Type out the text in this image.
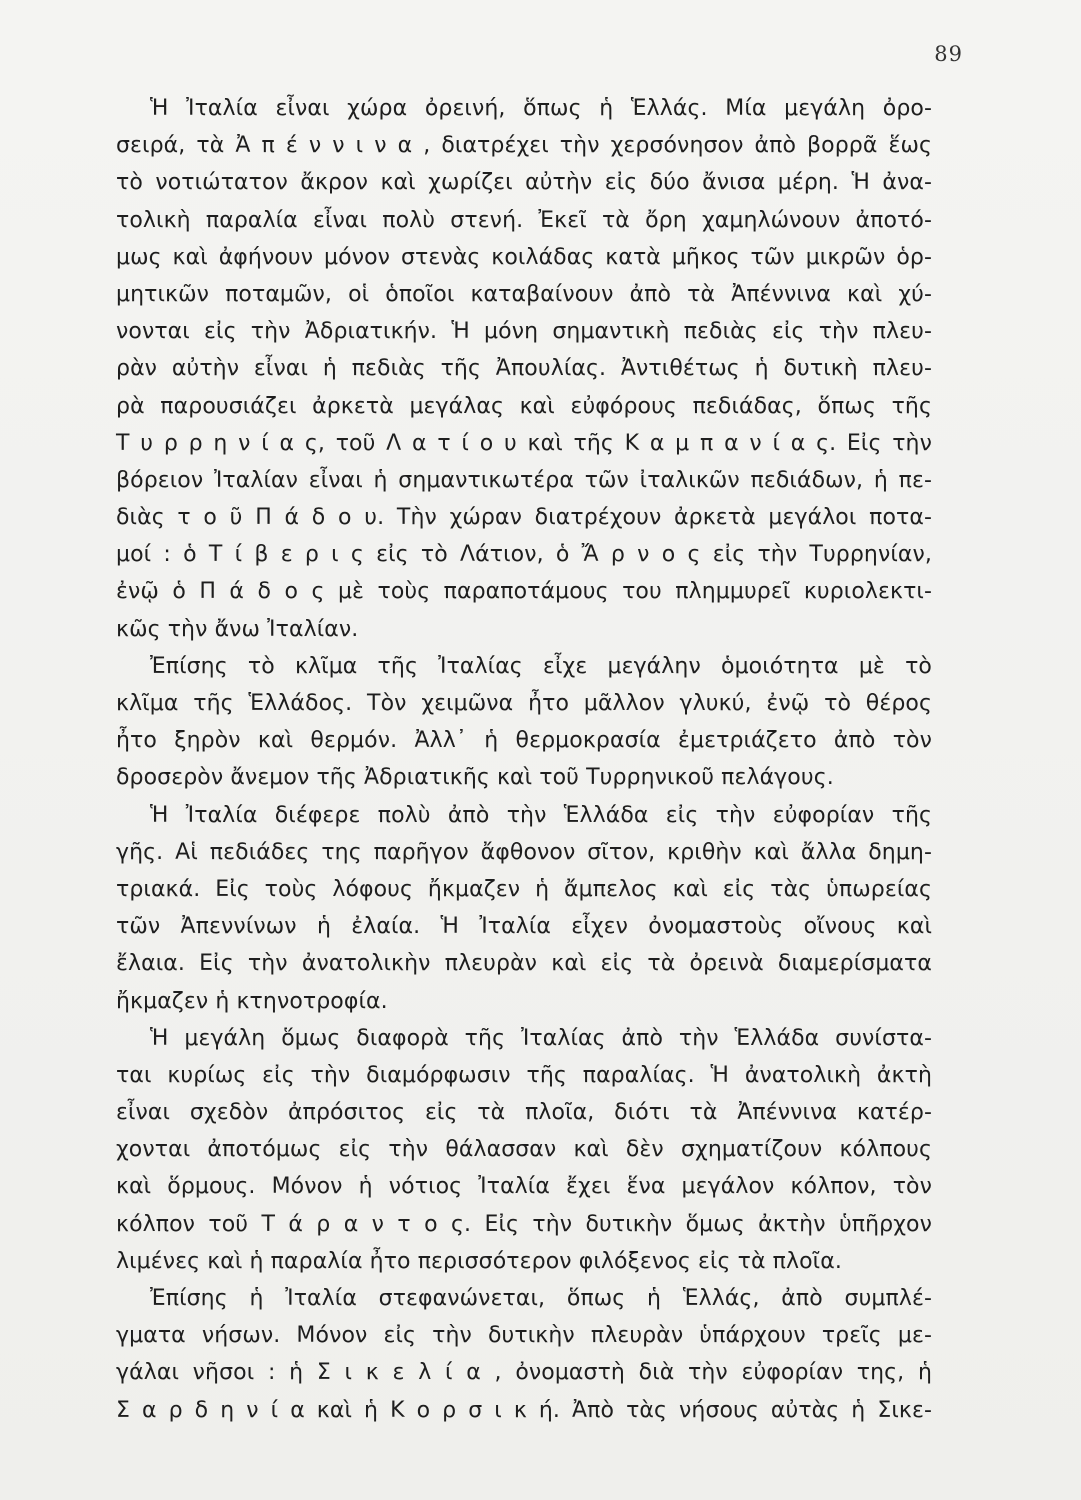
89
Ἡ Ἰταλία εἶναι χώρα ὀρεινή, ὅπως ἡ Ἑλλάς. Μία μεγάλη ὀρο-
σειρά, τὰ Ἀ π έ ν ν ι ν α , διατρέχει τὴν χερσόνησον ἀπὸ βορρᾶ ἕως
τὸ νοτιώτατον ἄκρον καὶ χωρίζει αὐτὴν εἰς δύο ἄνισα μέρη. Ἡ ἀνα-
τολικὴ παραλία εἶναι πολὺ στενή. Ἐκεῖ τὰ ὄρη χαμηλώνουν ἀποτό-
μως καὶ ἀφήνουν μόνον στενὰς κοιλάδας κατὰ μῆκος τῶν μικρῶν ὁρ-
μητικῶν ποταμῶν, οἱ ὁποῖοι καταβαίνουν ἀπὸ τὰ Ἀπέννινα καὶ χύ-
νονται εἰς τὴν Ἀδριατικήν. Ἡ μόνη σημαντικὴ πεδιὰς εἰς τὴν πλευ-
ρὰν αὐτὴν εἶναι ἡ πεδιὰς τῆς Ἀπουλίας. Ἀντιθέτως ἡ δυτικὴ πλευ-
ρὰ παρουσιάζει ἀρκετὰ μεγάλας καὶ εὐφόρους πεδιάδας, ὅπως τῆς
Τ υ ρ ρ η ν ί α ς, τοῦ Λ α τ ί ο υ καὶ τῆς Κ α μ π α ν ί α ς. Εἰς τὴν
βόρειον Ἰταλίαν εἶναι ἡ σημαντικωτέρα τῶν ἰταλικῶν πεδιάδων, ἡ πε-
διὰς τ ο ῦ Π ά δ ο υ. Τὴν χώραν διατρέχουν ἀρκετὰ μεγάλοι ποτα-
μοί : ὁ Τ ί β ε ρ ι ς εἰς τὸ Λάτιον, ὁ Ἄ ρ ν ο ς εἰς τὴν Τυρρηνίαν,
ἐνῷ ὁ Π ά δ ο ς μὲ τοὺς παραποτάμους του πλημμυρεῖ κυριολεκτι-
κῶς τὴν ἄνω Ἰταλίαν.
Ἐπίσης τὸ κλῖμα τῆς Ἰταλίας εἶχε μεγάλην ὁμοιότητα μὲ τὸ
κλῖμα τῆς Ἑλλάδος. Τὸν χειμῶνα ἦτο μᾶλλον γλυκύ, ἐνῷ τὸ θέρος
ἦτο ξηρὸν καὶ θερμόν. Ἀλλ᾽ ἡ θερμοκρασία ἐμετριάζετο ἀπὸ τὸν
δροσερὸν ἄνεμον τῆς Ἀδριατικῆς καὶ τοῦ Τυρρηνικοῦ πελάγους.
Ἡ Ἰταλία διέφερε πολὺ ἀπὸ τὴν Ἑλλάδα εἰς τὴν εὐφορίαν τῆς
γῆς. Αἱ πεδιάδες της παρῆγον ἄφθονον σῖτον, κριθὴν καὶ ἄλλα δημη-
τριακά. Εἰς τοὺς λόφους ἤκμαζεν ἡ ἄμπελος καὶ εἰς τὰς ὑπωρείας
τῶν Ἀπεννίνων ἡ ἐλαία. Ἡ Ἰταλία εἶχεν ὀνομαστοὺς οἴνους καὶ
ἔλαια. Εἰς τὴν ἀνατολικὴν πλευρὰν καὶ εἰς τὰ ὀρεινὰ διαμερίσματα
ἤκμαζεν ἡ κτηνοτροφία.
Ἡ μεγάλη ὅμως διαφορὰ τῆς Ἰταλίας ἀπὸ τὴν Ἑλλάδα συνίστα-
ται κυρίως εἰς τὴν διαμόρφωσιν τῆς παραλίας. Ἡ ἀνατολικὴ ἀκτὴ
εἶναι σχεδὸν ἀπρόσιτος εἰς τὰ πλοῖα, διότι τὰ Ἀπέννινα κατέρ-
χονται ἀποτόμως εἰς τὴν θάλασσαν καὶ δὲν σχηματίζουν κόλπους
καὶ ὅρμους. Μόνον ἡ νότιος Ἰταλία ἔχει ἕνα μεγάλον κόλπον, τὸν
κόλπον τοῦ Τ ά ρ α ν τ ο ς. Εἰς τὴν δυτικὴν ὅμως ἀκτὴν ὑπῆρχον
λιμένες καὶ ἡ παραλία ἦτο περισσότερον φιλόξενος εἰς τὰ πλοῖα.
Ἐπίσης ἡ Ἰταλία στεφανώνεται, ὅπως ἡ Ἑλλάς, ἀπὸ συμπλέ-
γματα νήσων. Μόνον εἰς τὴν δυτικὴν πλευρὰν ὑπάρχουν τρεῖς με-
γάλαι νῆσοι : ἡ Σ ι κ ε λ ί α , ὀνομαστὴ διὰ τὴν εὐφορίαν της, ἡ
Σ α ρ δ η ν ί α καὶ ἡ Κ ο ρ σ ι κ ή. Ἀπὸ τὰς νήσους αὐτὰς ἡ Σικε-
